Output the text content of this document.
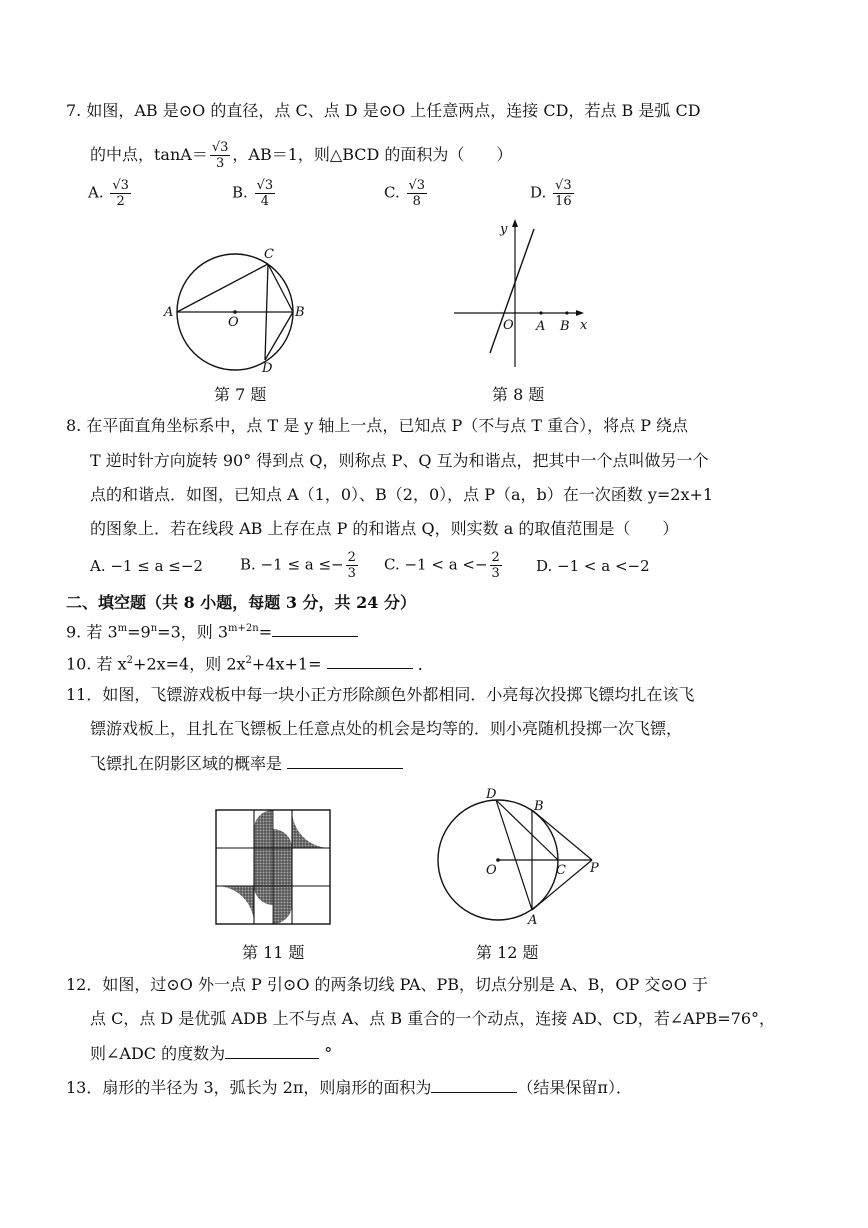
7. 如图，AB 是⊙O 的直径，点 C、点 D 是⊙O 上任意两点，连接 CD，若点 B 是弧 CD
的中点，$\tan A= \frac{√3}{3}$ ，AB＝1，则△BCD 的面积为（　　）
A. $\frac{√3}{2}$	B. $\frac{√3}{4}$	C. $\frac{√3}{8}$	D. $\frac{√3}{16}$
A	B
C
D
O
第 7 题
y
x
O A B
第 8 题
8. 在平面直角坐标系中，点 T 是 y 轴上一点，已知点 P（不与点 T 重合），将点 P 绕点
T 逆时针方向旋转 90° 得到点 Q，则称点 P、Q 互为和谐点，把其中一个点叫做另一个
点的和谐点．如图，已知点 A（1，0）、B（2，0），点 P（a，b）在一次函数 y=2x+1
的图象上．若在线段 AB 上存在点 P 的和谐点 Q，则实数 a 的取值范围是（　　）
A. −1 ≤ a ≤−2 B. $-1 \le a \le- \frac{2}{3} C$. $-1 < a <- \frac{2}{3} D$. −1 < a <−2
二、填空题（共 8 小题，每题 3 分，共 24 分）
9. 若 $3^m=9^n=3$，则 $3^{m+2n}=$
10. 若 $x^2+2x=4$，则 $2x^2+4x+1=$	．
11．如图，飞镖游戏板中每一块小正方形除颜色外都相同．小亮每次投掷飞镖均扎在该飞
镖游戏板上，且扎在飞镖板上任意点处的机会是均等的．则小亮随机投掷一次飞镖，
飞镖扎在阴影区域的概率是
第 11 题
D
B
O	C P
A
第 12 题
12．如图，过⊙O 外一点 P 引⊙O 的两条切线 PA、PB，切点分别是 A、B，OP 交⊙O 于
点 C，点 D 是优弧 ADB 上不与点 A、点 B 重合的一个动点，连接 AD、CD，若∠APB=76°，
则∠ADC 的度数为	°
13．扇形的半径为 3，弧长为 2π，则扇形的面积为	（结果保留π）．
